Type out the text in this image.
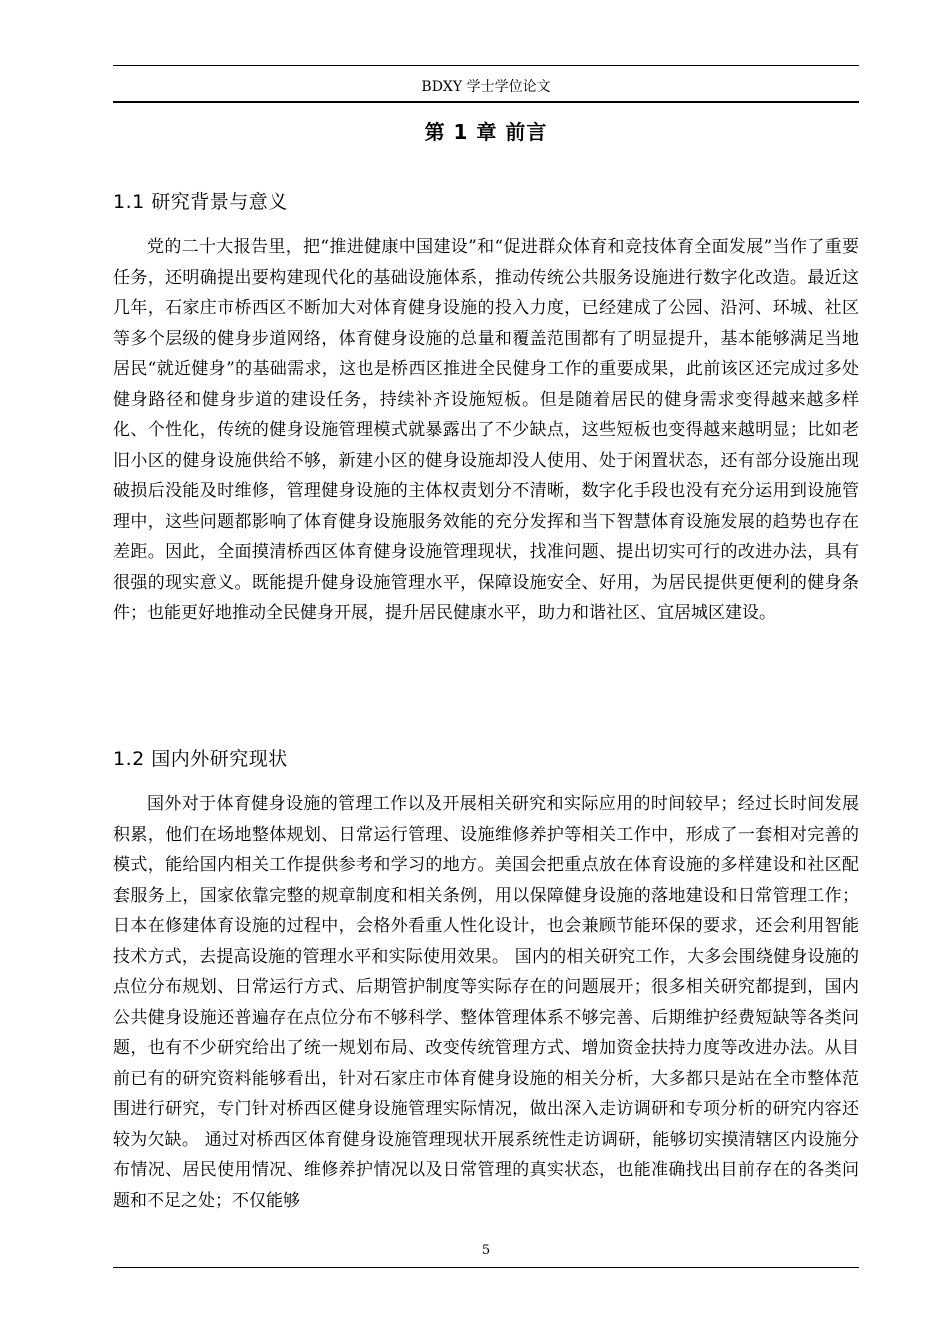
BDXY 学士学位论文
第 1 章 前言
1.1 研究背景与意义

党的二十大报告里，把“推进健康中国建设”和“促进群众体育和竞技体育全面发展”当作了重要任务，还明确提出要构建现代化的基础设施体系，推动传统公共服务设施进行数字化改造。最近这几年，石家庄市桥西区不断加大对体育健身设施的投入力度，已经建成了公园、沿河、环城、社区等多个层级的健身步道网络，体育健身设施的总量和覆盖范围都有了明显提升，基本能够满足当地居民“就近健身”的基础需求，这也是桥西区推进全民健身工作的重要成果，此前该区还完成过多处健身路径和健身步道的建设任务，持续补齐设施短板。但是随着居民的健身需求变得越来越多样化、个性化，传统的健身设施管理模式就暴露出了不少缺点，这些短板也变得越来越明显；比如老旧小区的健身设施供给不够，新建小区的健身设施却没人使用、处于闲置状态，还有部分设施出现破损后没能及时维修，管理健身设施的主体权责划分不清晰，数字化手段也没有充分运用到设施管理中，这些问题都影响了体育健身设施服务效能的充分发挥和当下智慧体育设施发展的趋势也存在差距。因此，全面摸清桥西区体育健身设施管理现状，找准问题、提出切实可行的改进办法，具有很强的现实意义。既能提升健身设施管理水平，保障设施安全、好用，为居民提供更便利的健身条件；也能更好地推动全民健身开展，提升居民健康水平，助力和谐社区、宜居城区建设。

1.2 国内外研究现状

国外对于体育健身设施的管理工作以及开展相关研究和实际应用的时间较早；经过长时间发展积累，他们在场地整体规划、日常运行管理、设施维修养护等相关工作中，形成了一套相对完善的模式，能给国内相关工作提供参考和学习的地方。美国会把重点放在体育设施的多样建设和社区配套服务上，国家依靠完整的规章制度和相关条例，用以保障健身设施的落地建设和日常管理工作；日本在修建体育设施的过程中，会格外看重人性化设计，也会兼顾节能环保的要求，还会利用智能技术方式，去提高设施的管理水平和实际使用效果。 国内的相关研究工作，大多会围绕健身设施的点位分布规划、日常运行方式、后期管护制度等实际存在的问题展开；很多相关研究都提到，国内公共健身设施还普遍存在点位分布不够科学、整体管理体系不够完善、后期维护经费短缺等各类问题，也有不少研究给出了统一规划布局、改变传统管理方式、增加资金扶持力度等改进办法。从目前已有的研究资料能够看出，针对石家庄市体育健身设施的相关分析，大多都只是站在全市整体范围进行研究，专门针对桥西区健身设施管理实际情况，做出深入走访调研和专项分析的研究内容还较为欠缺。 通过对桥西区体育健身设施管理现状开展系统性走访调研，能够切实摸清辖区内设施分布情况、居民使用情况、维修养护情况以及日常管理的真实状态，也能准确找出目前存在的各类问题和不足之处；不仅能够

5
